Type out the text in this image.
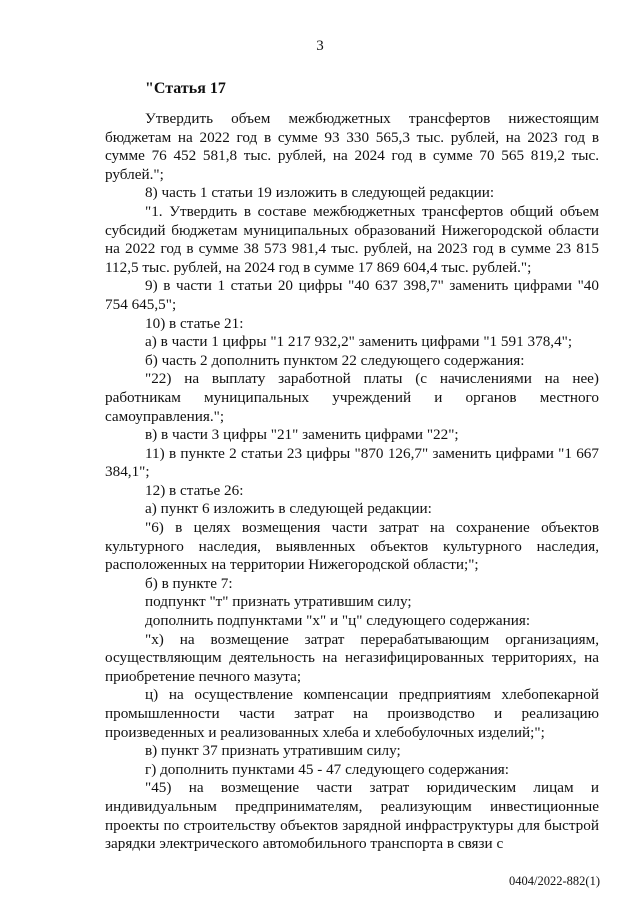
3
"Статья 17

Утвердить объем межбюджетных трансфертов нижестоящим бюджетам на 2022 год в сумме 93 330 565,3 тыс. рублей, на 2023 год в сумме 76 452 581,8 тыс. рублей, на 2024 год в сумме 70 565 819,2 тыс. рублей.";

8) часть 1 статьи 19 изложить в следующей редакции:

"1. Утвердить в составе межбюджетных трансфертов общий объем субсидий бюджетам муниципальных образований Нижегородской области на 2022 год в сумме 38 573 981,4 тыс. рублей, на 2023 год в сумме 23 815 112,5 тыс. рублей, на 2024 год в сумме 17 869 604,4 тыс. рублей.";

9) в части 1 статьи 20 цифры "40 637 398,7" заменить цифрами "40 754 645,5";

10) в статье 21:

а) в части 1 цифры "1 217 932,2" заменить цифрами "1 591 378,4";

б) часть 2 дополнить пунктом 22 следующего содержания:

"22) на выплату заработной платы (с начислениями на нее) работникам муниципальных учреждений и органов местного самоуправления.";

в) в части 3 цифры "21" заменить цифрами "22";

11) в пункте 2 статьи 23 цифры "870 126,7" заменить цифрами "1 667 384,1";

12) в статье 26:

а) пункт 6 изложить в следующей редакции:

"6) в целях возмещения части затрат на сохранение объектов культурного наследия, выявленных объектов культурного наследия, расположенных на территории Нижегородской области;";

б) в пункте 7:

подпункт "т" признать утратившим силу;

дополнить подпунктами "х" и "ц" следующего содержания:

"х) на возмещение затрат перерабатывающим организациям, осуществляющим деятельность на негазифицированных территориях, на приобретение печного мазута;

ц) на осуществление компенсации предприятиям хлебопекарной промышленности части затрат на производство и реализацию произведенных и реализованных хлеба и хлебобулочных изделий;";

в) пункт 37 признать утратившим силу;

г) дополнить пунктами 45 - 47 следующего содержания:

"45) на возмещение части затрат юридическим лицам и индивидуальным предпринимателям, реализующим инвестиционные проекты по строительству объектов зарядной инфраструктуры для быстрой зарядки электрического автомобильного транспорта в связи с

0404/2022-882(1)
